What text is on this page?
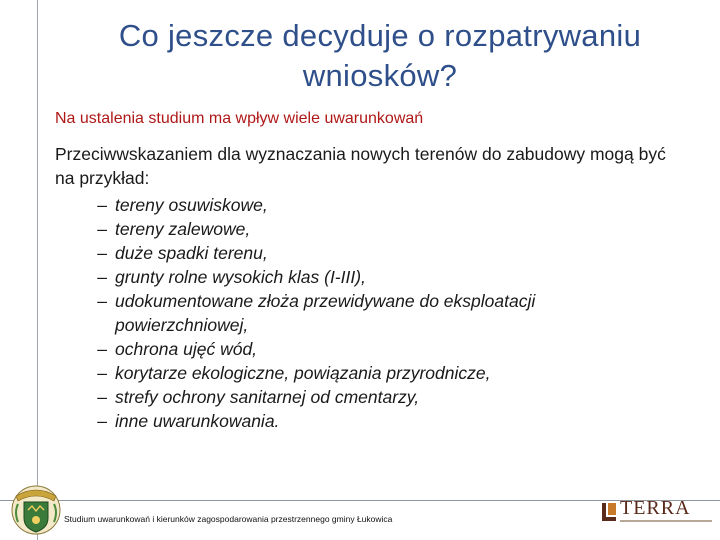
Co jeszcze decyduje o rozpatrywaniu wniosków?
Na ustalenia studium ma wpływ wiele uwarunkowań
Przeciwwskazaniem dla wyznaczania nowych terenów do zabudowy mogą być na przykład:
– tereny osuwiskowe,
– tereny zalewowe,
– duże spadki terenu,
– grunty rolne wysokich klas (I-III),
– udokumentowane złoża przewidywane do eksploatacji powierzchniowej,
– ochrona ujęć wód,
– korytarze ekologiczne, powiązania przyrodnicze,
– strefy ochrony sanitarnej od cmentarzy,
– inne uwarunkowania.
Studium uwarunkowań i kierunków zagospodarowania przestrzennego gminy Łukowica	TERRA
